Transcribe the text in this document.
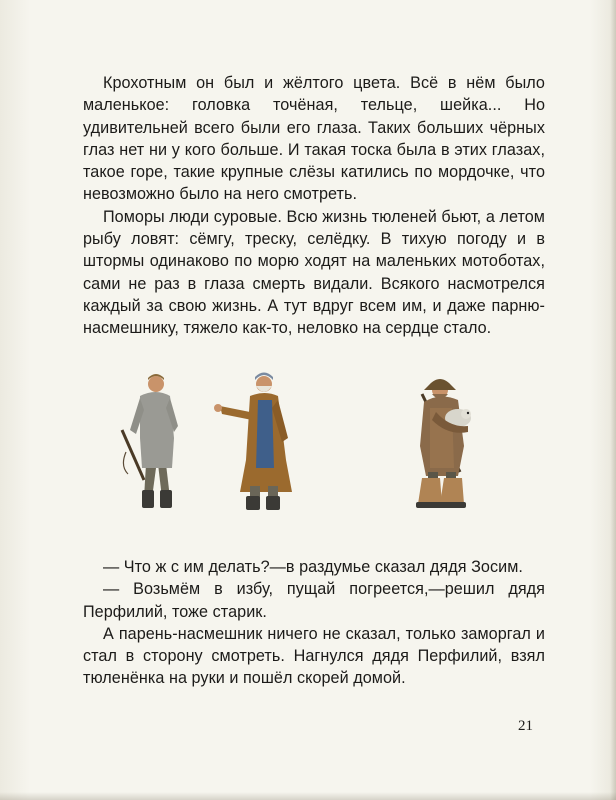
Крохотным он был и жёлтого цвета. Всё в нём было маленькое: головка точёная, тельце, шейка... Но удивительней всего были его глаза. Таких больших чёрных глаз нет ни у кого больше. И такая тоска была в этих глазах, такое горе, такие крупные слёзы катились по мордочке, что невозможно было на него смотреть.

Поморы люди суровые. Всю жизнь тюленей бьют, а летом рыбу ловят: сёмгу, треску, селёдку. В тихую погоду и в штормы одинаково по морю ходят на маленьких мотоботах, сами не раз в глаза смерть видали. Всякого насмотрелся каждый за свою жизнь. А тут вдруг всем им, и даже парню-насмешнику, тяжело как-то, неловко на сердце стало.

— Что ж с им делать?—в раздумье сказал дядя Зосим.

— Возьмём в избу, пущай погреется,—решил дядя Перфилий, тоже старик.

А парень-насмешник ничего не сказал, только заморгал и стал в сторону смотреть. Нагнулся дядя Перфилий, взял тюленёнка на руки и пошёл скорей домой.

21
